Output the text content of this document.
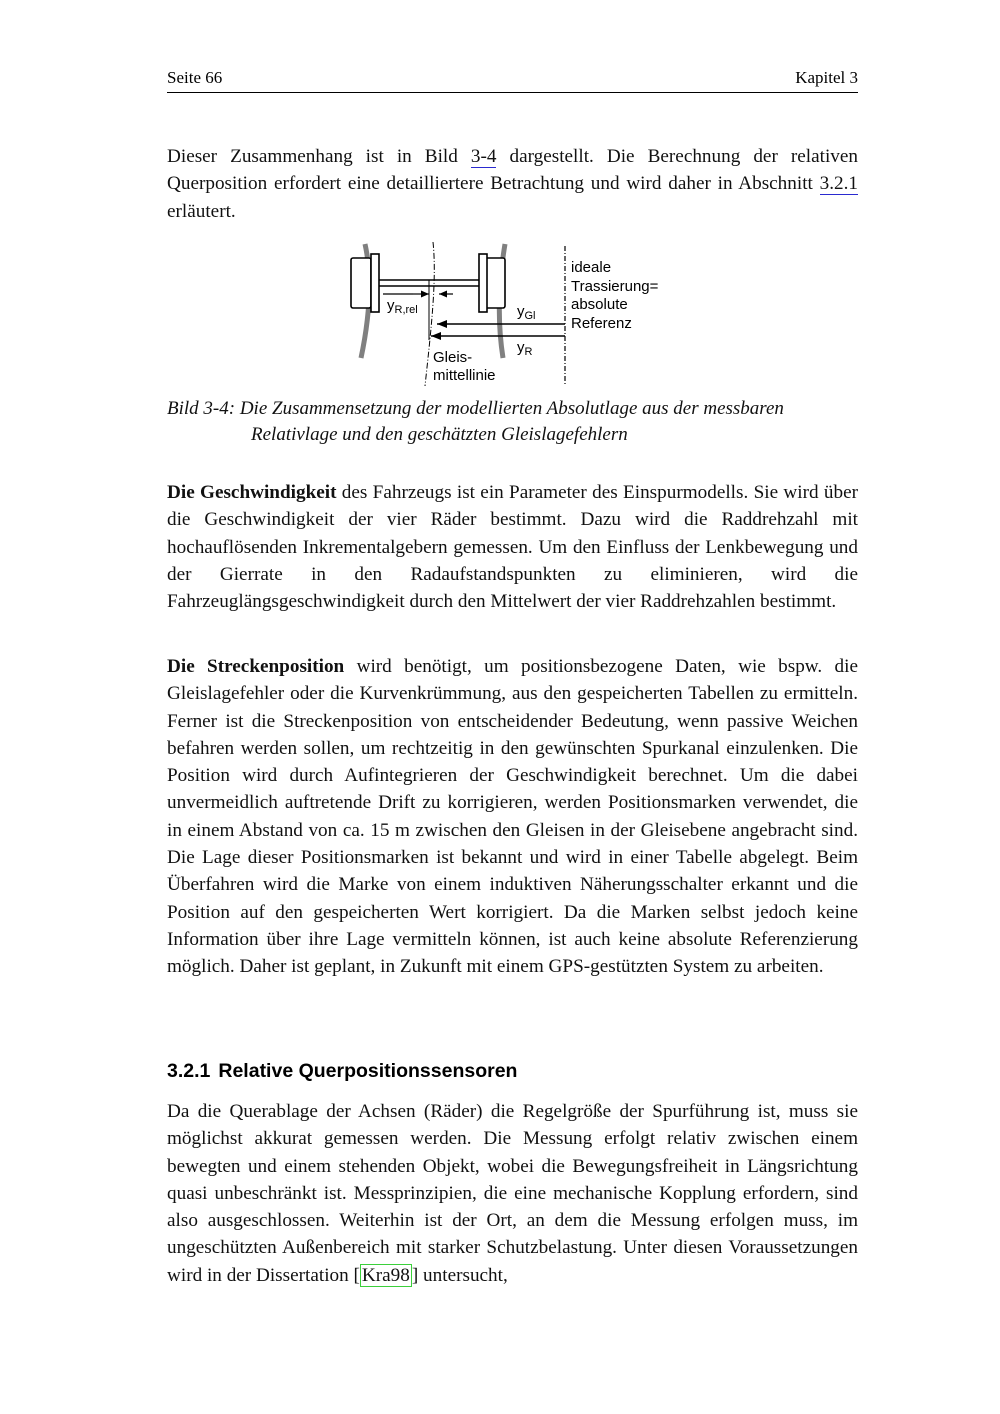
Seite 66	Kapitel 3
Dieser Zusammenhang ist in Bild 3-4 dargestellt. Die Berechnung der relativen Querposition erfordert eine detailliertere Betrachtung und wird daher in Abschnitt 3.2.1 erläutert.
$y_{R,rel}$	$y_{Gl}$
$y_R$
Gleis-
mittellinie
ideale
Trassierung=
absolute
Referenz
Bild 3-4: Die Zusammensetzung der modellierten Absolutlage aus der messbaren
Relativlage und den geschätzten Gleislagefehlern
Die Geschwindigkeit des Fahrzeugs ist ein Parameter des Einspurmodells. Sie wird über die Geschwindigkeit der vier Räder bestimmt. Dazu wird die Raddrehzahl mit hochauflösenden Inkrementalgebern gemessen. Um den Einfluss der Lenkbewegung und der Gierrate in den Radaufstandspunkten zu eliminieren, wird die Fahrzeuglängsgeschwindigkeit durch den Mittelwert der vier Raddrehzahlen bestimmt.
Die Streckenposition wird benötigt, um positionsbezogene Daten, wie bspw. die Gleislagefehler oder die Kurvenkrümmung, aus den gespeicherten Tabellen zu ermitteln. Ferner ist die Streckenposition von entscheidender Bedeutung, wenn passive Weichen befahren werden sollen, um rechtzeitig in den gewünschten Spurkanal einzulenken. Die Position wird durch Aufintegrieren der Geschwindigkeit berechnet. Um die dabei unvermeidlich auftretende Drift zu korrigieren, werden Positionsmarken verwendet, die in einem Abstand von ca. 15 m zwischen den Gleisen in der Gleisebene angebracht sind. Die Lage dieser Positionsmarken ist bekannt und wird in einer Tabelle abgelegt. Beim Überfahren wird die Marke von einem induktiven Näherungsschalter erkannt und die Position auf den gespeicherten Wert korrigiert. Da die Marken selbst jedoch keine Information über ihre Lage vermitteln können, ist auch keine absolute Referenzierung möglich. Daher ist geplant, in Zukunft mit einem GPS-gestützten System zu arbeiten.
3.2.1 Relative Querpositionssensoren
Da die Querablage der Achsen (Räder) die Regelgröße der Spurführung ist, muss sie möglichst akkurat gemessen werden. Die Messung erfolgt relativ zwischen einem bewegten und einem stehenden Objekt, wobei die Bewegungsfreiheit in Längsrichtung quasi unbeschränkt ist. Messprinzipien, die eine mechanische Kopplung erfordern, sind also ausgeschlossen. Weiterhin ist der Ort, an dem die Messung erfolgen muss, im ungeschützten Außenbereich mit starker Schutzbelastung. Unter diesen Voraussetzungen wird in der Dissertation [ Kra98 ] untersucht,
